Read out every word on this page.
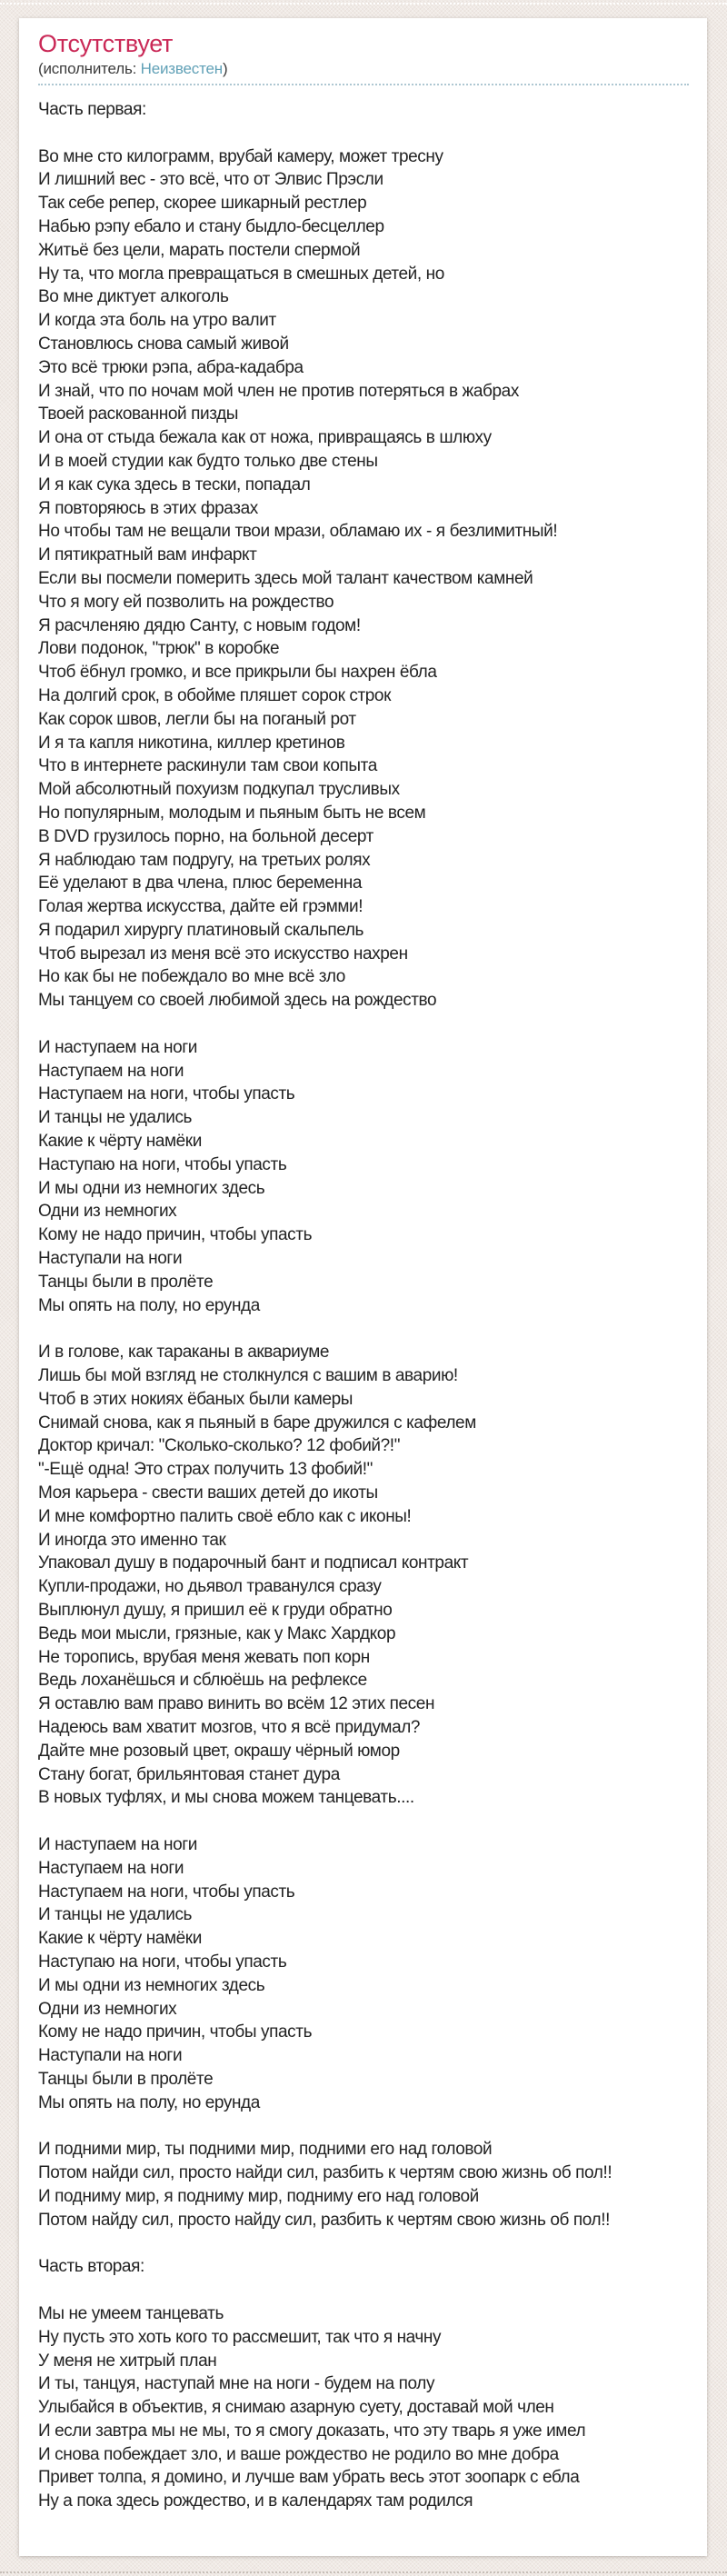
Отсутствует
(исполнитель: Неизвестен)
Часть первая:
Во мне сто килограмм, врубай камеру, может тресну
И лишний вес - это всё, что от Элвис Прэсли
Так себе репер, скорее шикарный рестлер
Набью рэпу ебало и стану быдло-бесцеллер
Житьё без цели, марать постели спермой
Ну та, что могла превращаться в смешных детей, но
Во мне диктует алкоголь
И когда эта боль на утро валит
Становлюсь снова самый живой
Это всё трюки рэпа, абра-кадабра
И знай, что по ночам мой член не против потеряться в жабрах
Твоей раскованной пизды
И она от стыда бежала как от ножа, привращаясь в шлюху
И в моей студии как будто только две стены
И я как сука здесь в тески, попадал
Я повторяюсь в этих фразах
Но чтобы там не вещали твои мрази, обламаю их - я безлимитный!
И пятикратный вам инфаркт
Если вы посмели померить здесь мой талант качеством камней
Что я могу ей позволить на рождество
Я расчленяю дядю Санту, с новым годом!
Лови подонок, "трюк" в коробке
Чтоб ёбнул громко, и все прикрыли бы нахрен ёбла
На долгий срок, в обойме пляшет сорок строк
Как сорок швов, легли бы на поганый рот
И я та капля никотина, киллер кретинов
Что в интернете раскинули там свои копыта
Мой абсолютный похуизм подкупал трусливых
Но популярным, молодым и пьяным быть не всем
В DVD грузилось порно, на больной десерт
Я наблюдаю там подругу, на третьих ролях
Её уделают в два члена, плюс беременна
Голая жертва искусства, дайте ей грэмми!
Я подарил хирургу платиновый скальпель
Чтоб вырезал из меня всё это искусство нахрен
Но как бы не побеждало во мне всё зло
Мы танцуем со своей любимой здесь на рождество
И наступаем на ноги
Наступаем на ноги
Наступаем на ноги, чтобы упасть
И танцы не удались
Какие к чёрту намёки
Наступаю на ноги, чтобы упасть
И мы одни из немногих здесь
Одни из немногих
Кому не надо причин, чтобы упасть
Наступали на ноги
Танцы были в пролёте
Мы опять на полу, но ерунда
И в голове, как тараканы в аквариуме
Лишь бы мой взгляд не столкнулся с вашим в аварию!
Чтоб в этих нокиях ёбаных были камеры
Снимай снова, как я пьяный в баре дружился с кафелем
Доктор кричал: "Сколько-сколько? 12 фобий?!"
"-Ещё одна! Это страх получить 13 фобий!"
Моя карьера - свести ваших детей до икоты
И мне комфортно палить своё ебло как с иконы!
И иногда это именно так
Упаковал душу в подарочный бант и подписал контракт
Купли-продажи, но дьявол траванулся сразу
Выплюнул душу, я пришил её к груди обратно
Ведь мои мысли, грязные, как у Макс Хардкор
Не торопись, врубая меня жевать поп корн
Ведь лоханёшься и сблюёшь на рефлексе
Я оставлю вам право винить во всём 12 этих песен
Надеюсь вам хватит мозгов, что я всё придумал?
Дайте мне розовый цвет, окрашу чёрный юмор
Стану богат, брильянтовая станет дура
В новых туфлях, и мы снова можем танцевать....
И наступаем на ноги
Наступаем на ноги
Наступаем на ноги, чтобы упасть
И танцы не удались
Какие к чёрту намёки
Наступаю на ноги, чтобы упасть
И мы одни из немногих здесь
Одни из немногих
Кому не надо причин, чтобы упасть
Наступали на ноги
Танцы были в пролёте
Мы опять на полу, но ерунда
И подними мир, ты подними мир, подними его над головой
Потом найди сил, просто найди сил, разбить к чертям свою жизнь об пол!!
И подниму мир, я подниму мир, подниму его над головой
Потом найду сил, просто найду сил, разбить к чертям свою жизнь об пол!!
Часть вторая:
Мы не умеем танцевать
Ну пусть это хоть кого то рассмешит, так что я начну
У меня не хитрый план
И ты, танцуя, наступай мне на ноги - будем на полу
Улыбайся в объектив, я снимаю азарную суету, доставай мой член
И если завтра мы не мы, то я смогу доказать, что эту тварь я уже имел
И снова побеждает зло, и ваше рождество не родило во мне добра
Привет толпа, я домино, и лучше вам убрать весь этот зоопарк с ебла
Ну а пока здесь рождество, и в календарях там родился
